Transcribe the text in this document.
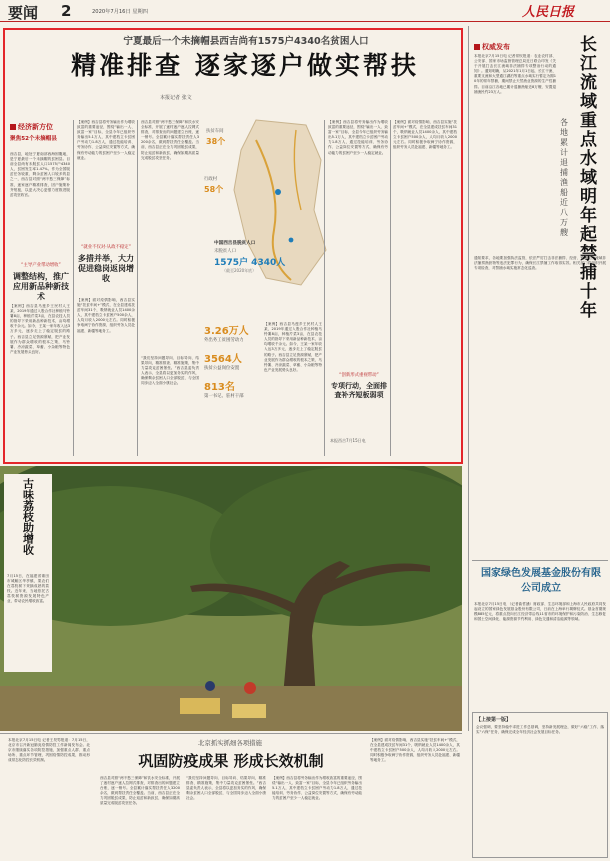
要闻 2	2020年7月16日 星期四	人民日报
宁夏最后一个未摘帽县西吉尚有1575户4340名贫困人口
精准排查 逐家逐户做实帮扶
本报记者 张文
经济新方位
聚焦52个未摘帽县
西吉县，地处宁夏南部西海固腹地，是宁夏最后一个未摘帽的贫困县。目前全县尚有未脱贫人口1575户4340人，贫困发生率1.47%。作为全国脱贫任务较重、剩余贫困人口较多的县之一，西吉县对照“两不愁三保障”标准，逐家逐户精准排查，因户施策补齐短板，以更大决心更强力度推进脱贫攻坚收官。
“主导产业带动增收”
调整结构，推广应用新品种新技术
【案例】西吉县马莲乡王民村人王某，2019年通过入股合作社种植马铃薯8亩，种植芹菜3亩，在县农技人员的指导下采用新品种新技术，亩均增收千余元。如今，王某一家年收入达3万多元，逐步走上了稳定脱贫的路子。西吉县立足资源禀赋，把产业发展作为群众增收的根本之策，马铃薯、冷凉蔬菜、草畜、小杂粮等特色产业发展势头良好。
【案例】西吉县将劳务输出作为增收致富的重要途径，围绕“输出一人、致富一家”目标，全县今年已组织劳务输出5.1万人，其中建档立卡贫困户劳动力1.8万人，通过技能培训、劳务协作、公益岗位安置等方式，确保有劳动能力的贫困户至少一人稳定就业。
“就业不仅对·从政不稳定”
多措并举，大力促进稳岗返岗增收
【案例】面对疫情影响，西吉县实施“扶贫车间+”模式，在全县建成扶贫车间31个，吸纳就业人员1400余人，其中建档立卡贫困户500余人，人均月收入2000元左右。同时积极争取闽宁协作资源，组织劳务人员赴福建、新疆等地务工。
西吉县对照“两不愁三保障”和饮水安全标准，开展了逐村逐户逐人拉网式排查，对排查出的问题建立台账，逐一销号。全县累计落实帮扶责任人3200余名，做到帮扶责任全覆盖。当前，西吉县正在全力巩固脱贫成果，防止返贫和新致贫，确保如期高质量完成脱贫攻坚任务。
“我们坚持问题导向、目标导向、结果导向，精准排查、精准施策，集中力量攻克贫困堡垒。”西吉县委负责人表示，全县将以更加务实的作风，确保剩余贫困人口全部脱贫，与全国同步迈入全面小康社会。
3.26万人
外出务工贫困劳动力
3564人
扶贫公益岗位安置
813名
第一书记、驻村干部
【案例】西吉县马莲乡王民村人王某，2019年通过入股合作社种植马铃薯8亩，种植芹菜3亩，在县农技人员的指导下采用新品种新技术，亩均增收千余元。如今，王某一家年收入达3万多元，逐步走上了稳定脱贫的路子。西吉县立足资源禀赋，把产业发展作为群众增收的根本之策，马铃薯、冷凉蔬菜、草畜、小杂粮等特色产业发展势头良好。
扶贫车间
38个
行政村
58个
中国西吉县脱贫人口
未脱贫人口
1575户 4340人
（截至2020年底）
【案例】西吉县将劳务输出作为增收致富的重要途径，围绕“输出一人、致富一家”目标，全县今年已组织劳务输出5.1万人，其中建档立卡贫困户劳动力1.8万人，通过技能培训、劳务协作、公益岗位安置等方式，确保有劳动能力的贫困户至少一人稳定就业。
“创新形式重视带动”
专项行动，全面排查补齐短板弱项
本报西吉7月15日电
【案例】面对疫情影响，西吉县实施“扶贫车间+”模式，在全县建成扶贫车间31个，吸纳就业人员1400余人，其中建档立卡贫困户500余人，人均月收入2000元左右。同时积极争取闽宁协作资源，组织劳务人员赴福建、新疆等地务工。
权威发布
本报北京7月15日电 记者常钦报道：农业农村部、公安部、国家市场监督管理总局近日联合印发《关于开展打击长江流域非法捕捞专项整治行动的通知》。通知明确，从2021年1月1日起，长江干流、重要支流和大型通江湖泊等重点水域实行暂定为期10年的常年禁捕，期间禁止天然渔业资源的生产性捕捞。目前沿江各地已累计退捕渔船近8万艘，安置退捕渔民约23万人。
通知要求，各地要加强执法监管，依法严厉打击非法捕捞、经营、销售长江流域非法捕捞渔获物等违法犯罪行为，确保长江禁捕工作取得实效。相关部门将组织开展专项检查，对禁捕水域实施常态化巡查。
长江流域重点水域明年起禁捕十年
各地累计退捕渔船近八万艘
国家绿色发展基金股份有限公司成立
本报北京7月15日电 （记者曲哲涵）财政部、生态环境部和上海市人民政府共同发起设立的国家绿色发展基金股份有限公司，日前在上海举行揭牌仪式。基金首期规模885亿元，将重点投向长江经济带沿线11省市的环境保护和污染防治、生态修复和国土空间绿化、能源资源节约利用、绿色交通和清洁能源等领域。
古味荔枝助增收
7月15日，在福建省莆田市城厢区华亭镇，果农们在荔枝树下采摘成熟的荔枝。近年来，当地依托古荔枝树资源发展特色产业，带动农民增收致富。
本报北京7月15日电 记者王昊男报道：7月15日，北京市召开新冠肺炎疫情防控工作新闻发布会。北京市继续落实各项防控措施，加强重点人群、重点场所、重点环节管理，巩固疫情防控成果，推动形成常态化防控长效机制。
北京抓实抓细各项措施
巩固防疫成果 形成长效机制
西吉县对照“两不愁三保障”和饮水安全标准，开展了逐村逐户逐人拉网式排查，对排查出的问题建立台账，逐一销号。全县累计落实帮扶责任人3200余名，做到帮扶责任全覆盖。当前，西吉县正在全力巩固脱贫成果，防止返贫和新致贫，确保如期高质量完成脱贫攻坚任务。
“我们坚持问题导向、目标导向、结果导向，精准排查、精准施策，集中力量攻克贫困堡垒。”西吉县委负责人表示，全县将以更加务实的作风，确保剩余贫困人口全部脱贫，与全国同步迈入全面小康社会。
【案例】西吉县将劳务输出作为增收致富的重要途径，围绕“输出一人、致富一家”目标，全县今年已组织劳务输出5.1万人，其中建档立卡贫困户劳动力1.8万人，通过技能培训、劳务协作、公益岗位安置等方式，确保有劳动能力的贫困户至少一人稳定就业。
【案例】面对疫情影响，西吉县实施“扶贫车间+”模式，在全县建成扶贫车间31个，吸纳就业人员1400余人，其中建档立卡贫困户500余人，人均月收入2000元左右。同时积极争取闽宁协作资源，组织劳务人员赴福建、新疆等地务工。
【上接第一版】
会议强调，要坚持稳中求进工作总基调，坚持新发展理念，做好“六稳”工作、落实“六保”任务，确保完成全年经济社会发展目标任务。
